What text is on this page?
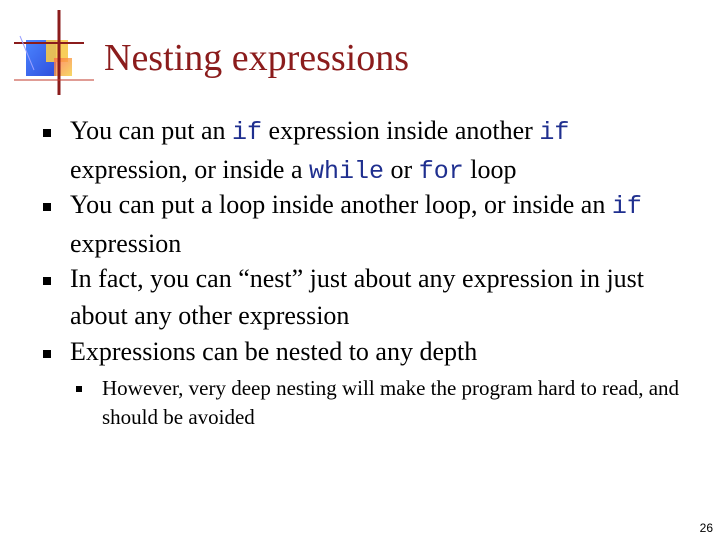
Nesting expressions
You can put an if expression inside another if expression, or inside a while or for loop
You can put a loop inside another loop, or inside an if expression
In fact, you can “nest” just about any expression in just about any other expression
Expressions can be nested to any depth
However, very deep nesting will make the program hard to read, and should be avoided
26
